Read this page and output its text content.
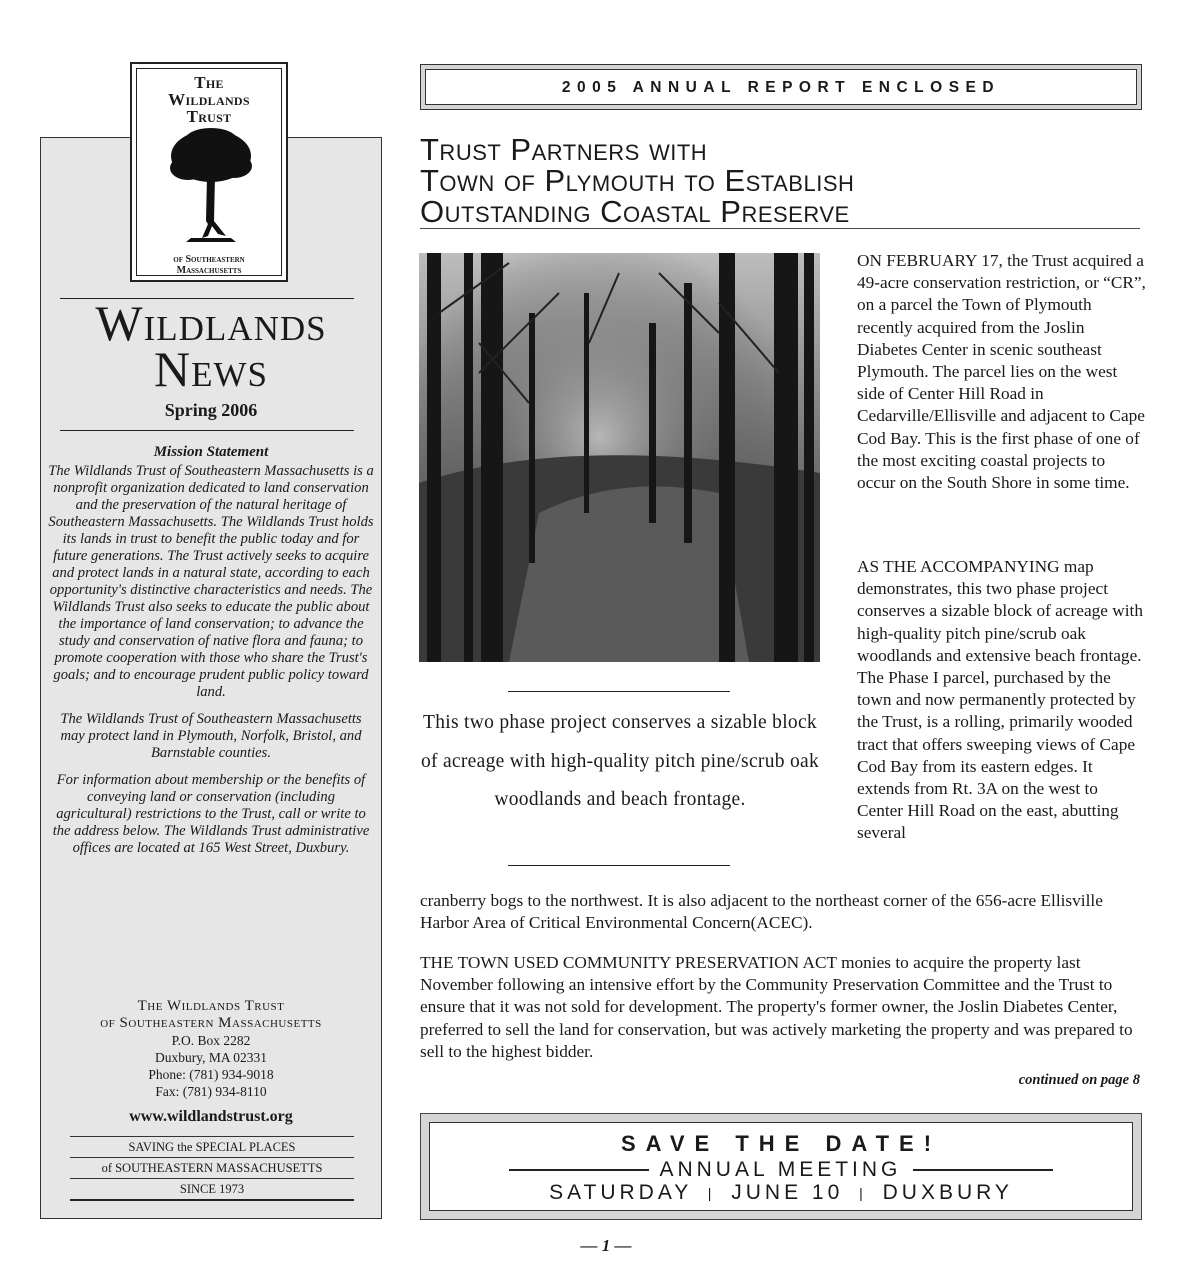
The
Wildlands
Trust
of Southeastern
Massachusetts
Wildlands
News
Spring 2006
Mission Statement

The Wildlands Trust of Southeastern Massachusetts is a nonprofit organization dedicated to land conservation and the preservation of the natural heritage of Southeastern Massachusetts. The Wildlands Trust holds its lands in trust to benefit the public today and for future generations. The Trust actively seeks to acquire and protect lands in a natural state, according to each opportunity's distinctive characteristics and needs. The Wildlands Trust also seeks to educate the public about the importance of land conservation; to advance the study and conservation of native flora and fauna; to promote cooperation with those who share the Trust's goals; and to encourage prudent public policy toward land.

The Wildlands Trust of Southeastern Massachusetts may protect land in Plymouth, Norfolk, Bristol, and Barnstable counties.

For information about membership or the benefits of conveying land or conservation (including agricultural) restrictions to the Trust, call or write to the address below. The Wildlands Trust administrative offices are located at 165 West Street, Duxbury.

The Wildlands Trust
of Southeastern Massachusetts
P.O. Box 2282
Duxbury, MA 02331
Phone: (781) 934-9018
Fax: (781) 934-8110
www.wildlandstrust.org
SAVING the SPECIAL PLACES
of SOUTHEASTERN MASSACHUSETTS
SINCE 1973
2005 ANNUAL REPORT ENCLOSED
Trust Partners with
Town of Plymouth to Establish
Outstanding Coastal Preserve
This two phase project conserves a sizable block of acreage with high-quality pitch pine/scrub oak woodlands and beach frontage.
ON FEBRUARY 17, the Trust acquired a 49-acre conservation restriction, or “CR”, on a parcel the Town of Plymouth recently acquired from the Joslin Diabetes Center in scenic southeast Plymouth. The parcel lies on the west side of Center Hill Road in Cedarville/Ellisville and adjacent to Cape Cod Bay. This is the first phase of one of the most exciting coastal projects to occur on the South Shore in some time.
AS THE ACCOMPANYING map demonstrates, this two phase project conserves a sizable block of acreage with high-quality pitch pine/scrub oak woodlands and extensive beach frontage. The Phase I parcel, purchased by the town and now permanently protected by the Trust, is a rolling, primarily wooded tract that offers sweeping views of Cape Cod Bay from its eastern edges. It extends from Rt. 3A on the west to Center Hill Road on the east, abutting several
cranberry bogs to the northwest. It is also adjacent to the northeast corner of the 656-acre Ellisville Harbor Area of Critical Environmental Concern(ACEC).
THE TOWN USED COMMUNITY PRESERVATION ACT monies to acquire the property last November following an intensive effort by the Community Preservation Committee and the Trust to ensure that it was not sold for development. The property's former owner, the Joslin Diabetes Center, preferred to sell the land for conservation, but was actively marketing the property and was prepared to sell to the highest bidder.
continued on page 8
SAVE THE DATE!
ANNUAL MEETING
SATURDAY | JUNE 10 | DUXBURY
— 1 —
